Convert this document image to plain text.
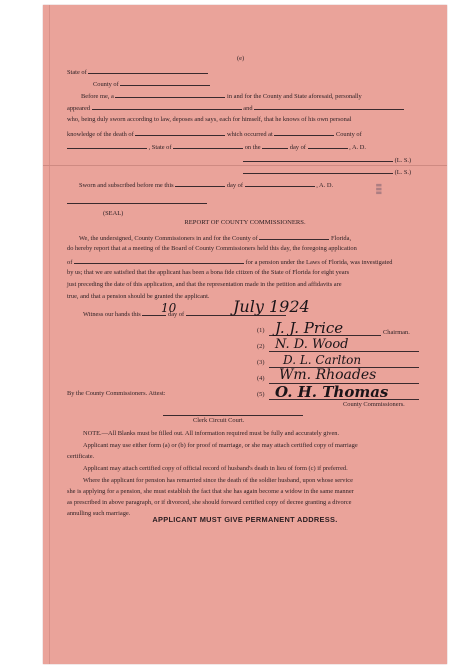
▮▮▮
State of
(e)
County of
Before me, a	in and for the County and State aforesaid, personally
appeared	and
who, being duly sworn according to law, deposes and says, each for himself, that he knows of his own personal
knowledge of the death of	which occurred at	County of
, State of	on the	day of	, A. D.
(L. S.)
(L. S.)
Sworn and subscribed before me this	day of	, A. D.
(SEAL)
REPORT OF COUNTY COMMISSIONERS.
We, the undersigned, County Commissioners in and for the County of	Florida,
do hereby report that at a meeting of the Board of County Commissioners held this day, the foregoing application
of	for a pension under the Laws of Florida, was investigated
by us; that we are satisfied that the applicant has been a bona fide citizen of the State of Florida for eight years
just preceding the date of this application, and that the representation made in the petition and affidavits are
true, and that a pension should be granted the applicant.
Witness our hands this	day of
10	July 1924
(1)	Chairman.
J. J. Price
(2) N. D. Wood
(3) D. L. Carlton
(4) Wm. Rhoades
(5) O. H. Thomas
County Commissioners.
By the County Commissioners. Attest:
Clerk Circuit Court.
NOTE.—All Blanks must be filled out. All information required must be fully and accurately given.
Applicant may use either form (a) or (b) for proof of marriage, or she may attach certified copy of marriage
certificate.
Applicant may attach certified copy of official record of husband's death in lieu of form (c) if preferred.
Where the applicant for pension has remarried since the death of the soldier husband, upon whose service
she is applying for a pension, she must establish the fact that she has again become a widow in the same manner
as prescribed in above paragraph, or if divorced, she should forward certified copy of decree granting a divorce
annulling such marriage.
APPLICANT MUST GIVE PERMANENT ADDRESS.
